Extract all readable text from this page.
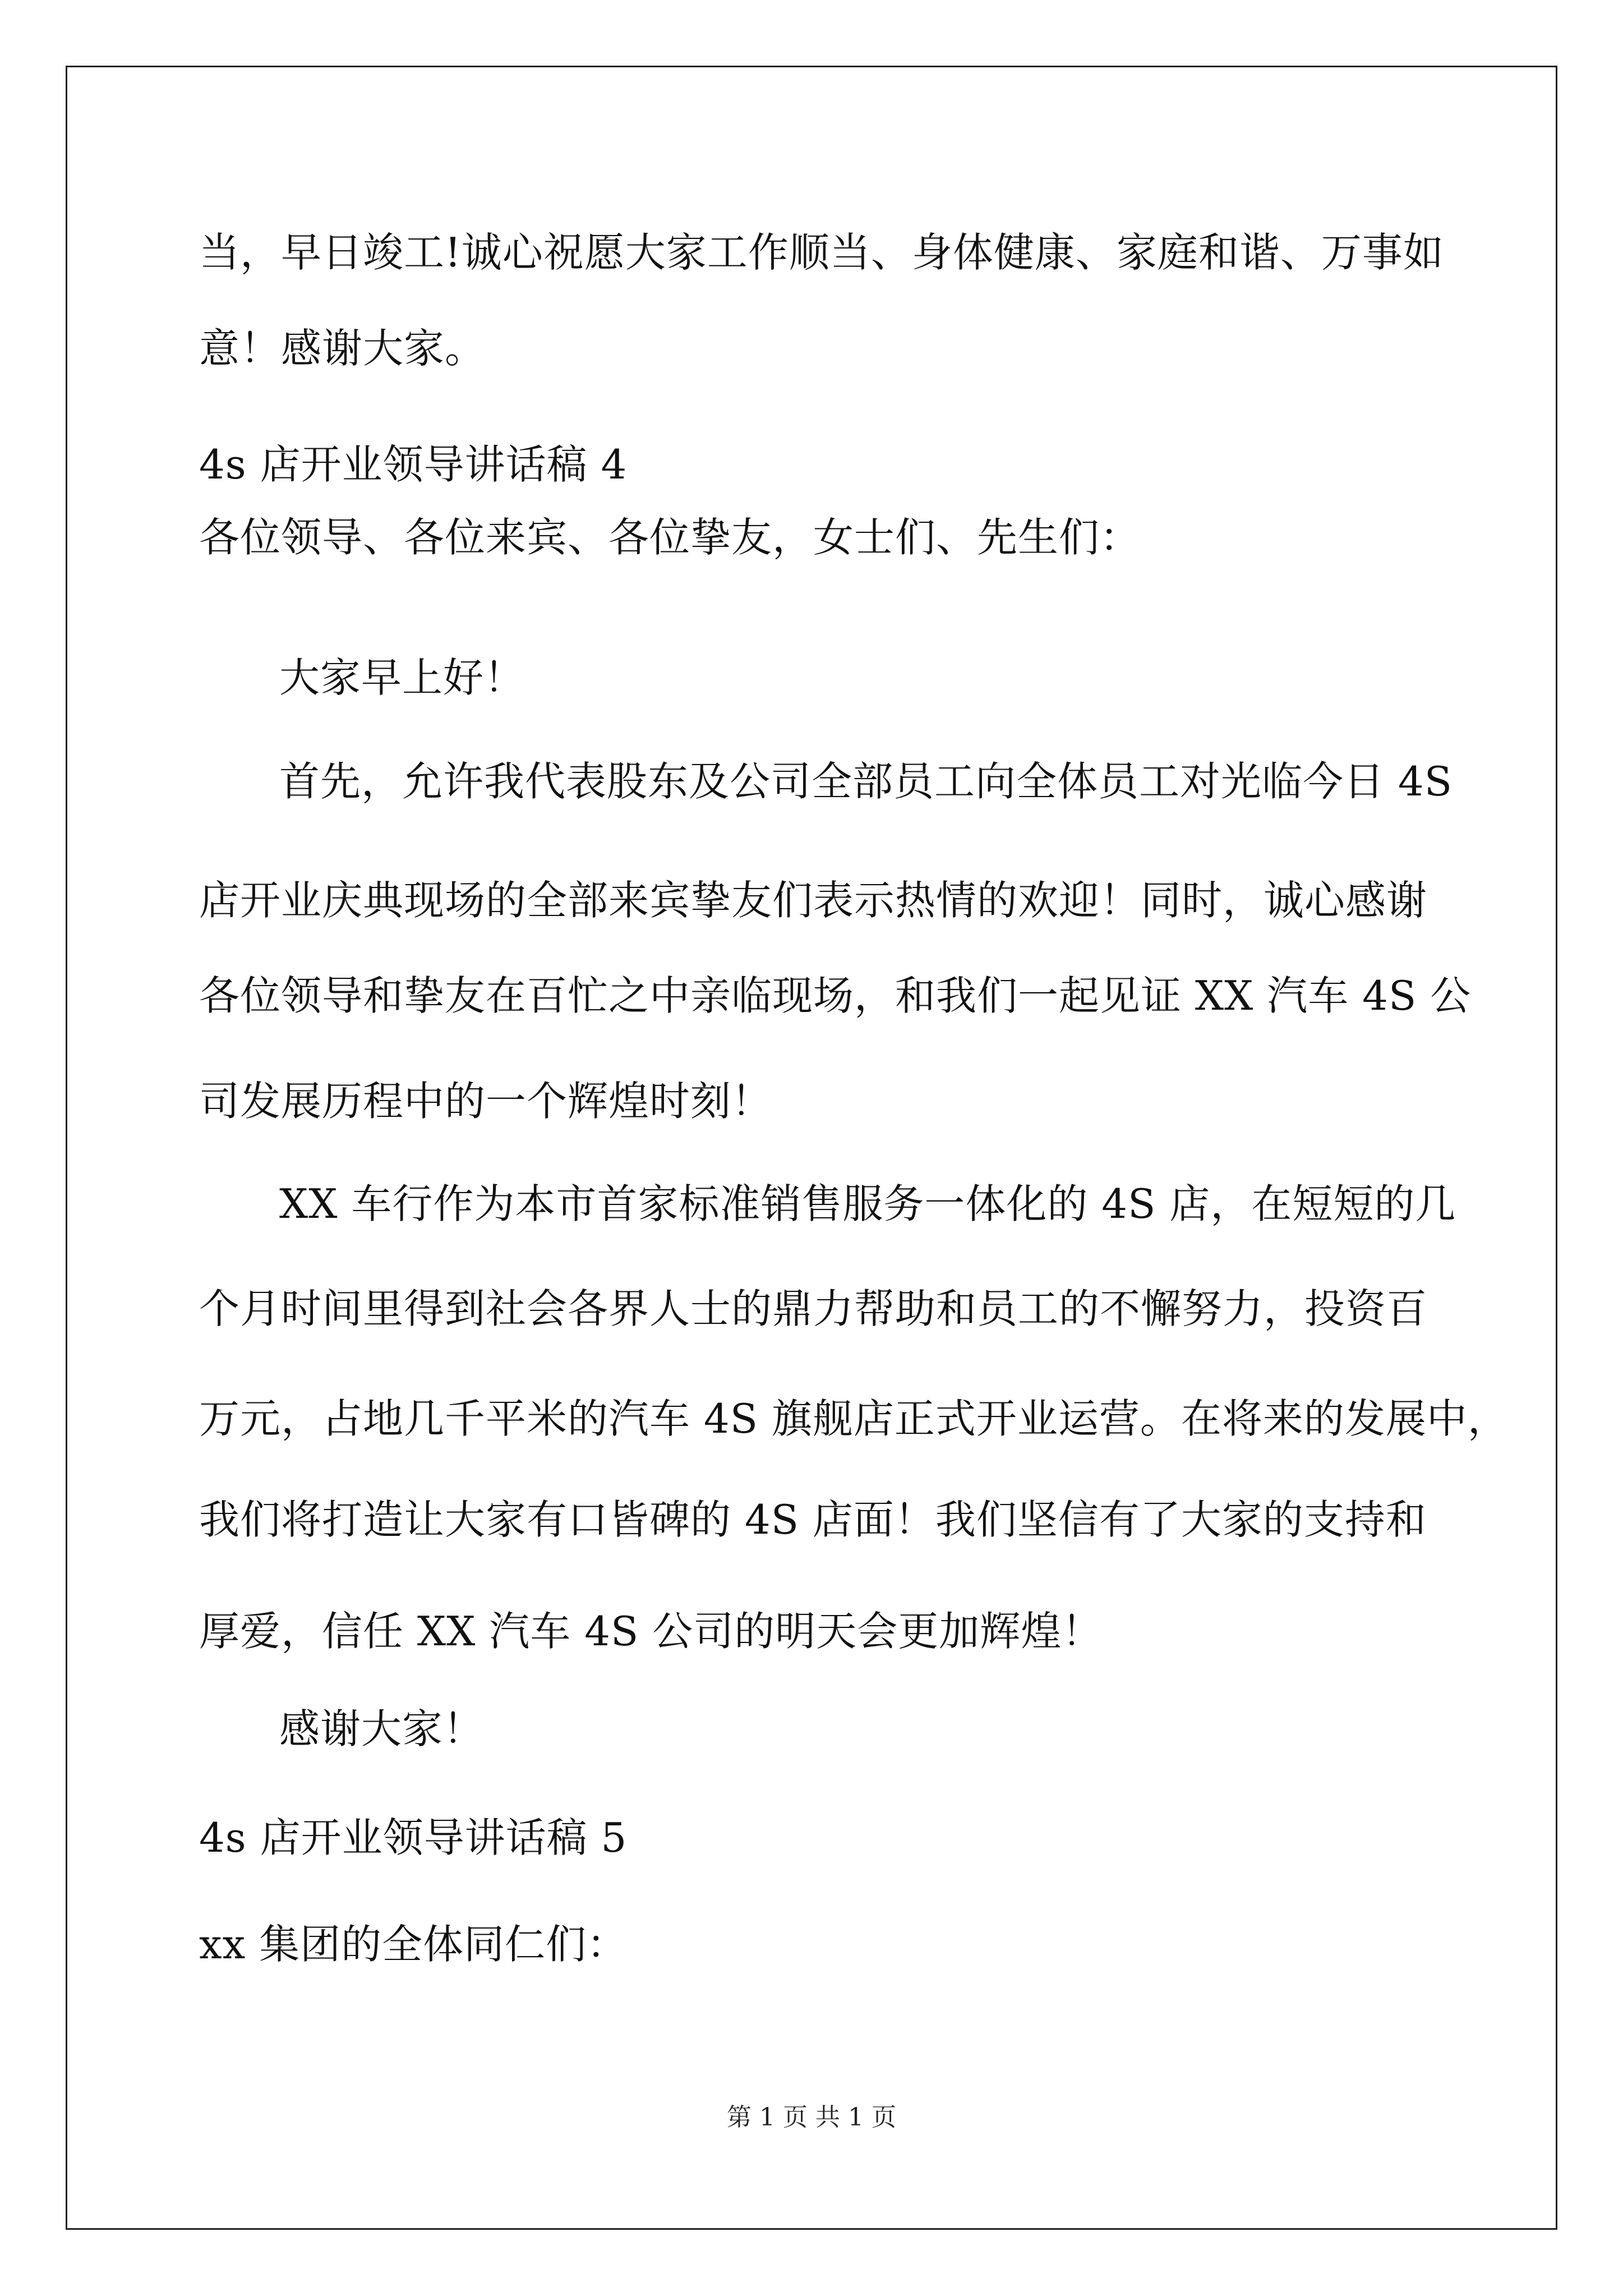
当，早日竣工!诚心祝愿大家工作顺当、身体健康、家庭和谐、万事如
意！感谢大家。
4s 店开业领导讲话稿 4
各位领导、各位来宾、各位挚友，女士们、先生们：
大家早上好！
首先，允许我代表股东及公司全部员工向全体员工对光临今日 4S
店开业庆典现场的全部来宾挚友们表示热情的欢迎！同时，诚心感谢
各位领导和挚友在百忙之中亲临现场，和我们一起见证 XX 汽车 4S 公
司发展历程中的一个辉煌时刻！
XX 车行作为本市首家标准销售服务一体化的 4S 店，在短短的几
个月时间里得到社会各界人士的鼎力帮助和员工的不懈努力，投资百
万元，占地几千平米的汽车 4S 旗舰店正式开业运营。在将来的发展中，
我们将打造让大家有口皆碑的 4S 店面！我们坚信有了大家的支持和
厚爱，信任 XX 汽车 4S 公司的明天会更加辉煌！
感谢大家！
4s 店开业领导讲话稿 5
xx 集团的全体同仁们：
第 1 页 共 1 页
